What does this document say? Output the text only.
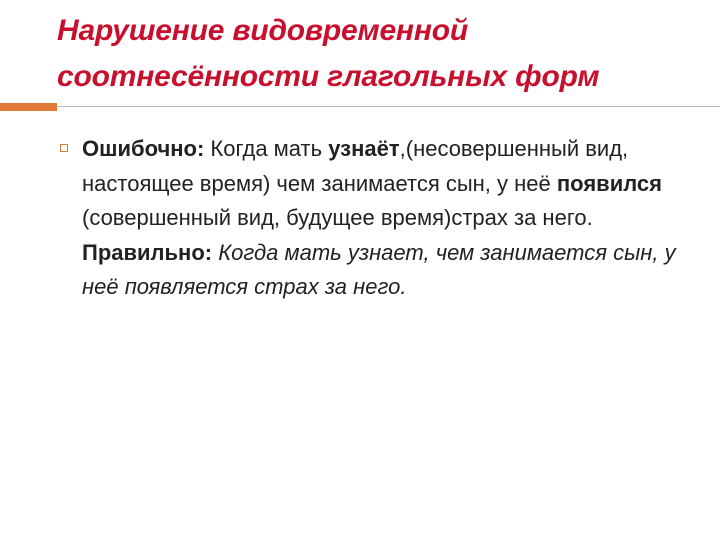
Нарушение видовременной соотнесённости глагольных форм

Ошибочно: Когда мать узнаёт,(несовершенный вид, настоящее время) чем занимается сын, у неё появился (совершенный вид, будущее время)страх за него.

Правильно: Когда мать узнает, чем занимается сын, у неё появляется страх за него.
